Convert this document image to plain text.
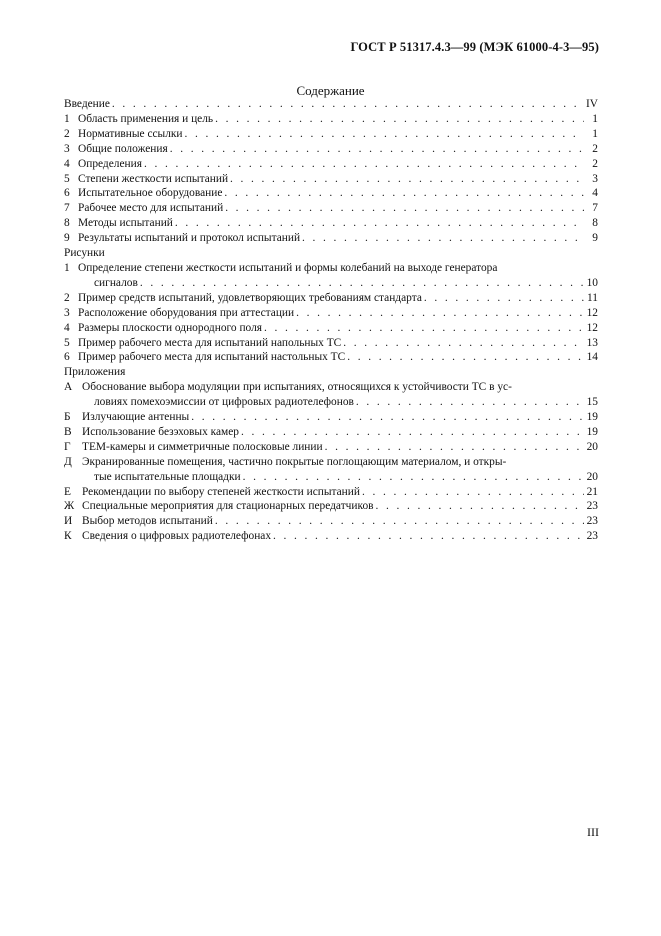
ГОСТ Р 51317.4.3—99 (МЭК 61000-4-3—95)
Содержание
Введение . . .	IV
1 Область применения и цель . . .	1
2 Нормативные ссылки . . .	1
3 Общие положения . . .	2
4 Определения . . .	2
5 Степени жесткости испытаний . . .	3
6 Испытательное оборудование . . .	4
7 Рабочее место для испытаний . . .	7
8 Методы испытаний . . .	8
9 Результаты испытаний и протокол испытаний . . .	9
Рисунки
1 Определение степени жесткости испытаний и формы колебаний на выходе генератора
сигналов . . .	10
2 Пример средств испытаний, удовлетворяющих требованиям стандарта . . .	11
3 Расположение оборудования при аттестации . . .	12
4 Размеры плоскости однородного поля . . .	12
5 Пример рабочего места для испытаний напольных ТС . . .	13
6 Пример рабочего места для испытаний настольных ТС . . .	14
Приложения
А Обоснование выбора модуляции при испытаниях, относящихся к устойчивости ТС в ус-
ловиях помехоэмиссии от цифровых радиотелефонов . . .	15
Б	Излучающие антенны . . .	19
В Использование безэховых камер . . .	19
Г	ТЕМ-камеры и симметричные полосковые линии . . .	20
Д Экранированные помещения, частично покрытые поглощающим материалом, и откры-
тые испытательные площадки . . .	20
Е Рекомендации по выбору степеней жесткости испытаний . . .	21
Ж Специальные мероприятия для стационарных передатчиков . . .	23
И Выбор методов испытаний . . .	23
К Сведения о цифровых радиотелефонах . . .	23
III
